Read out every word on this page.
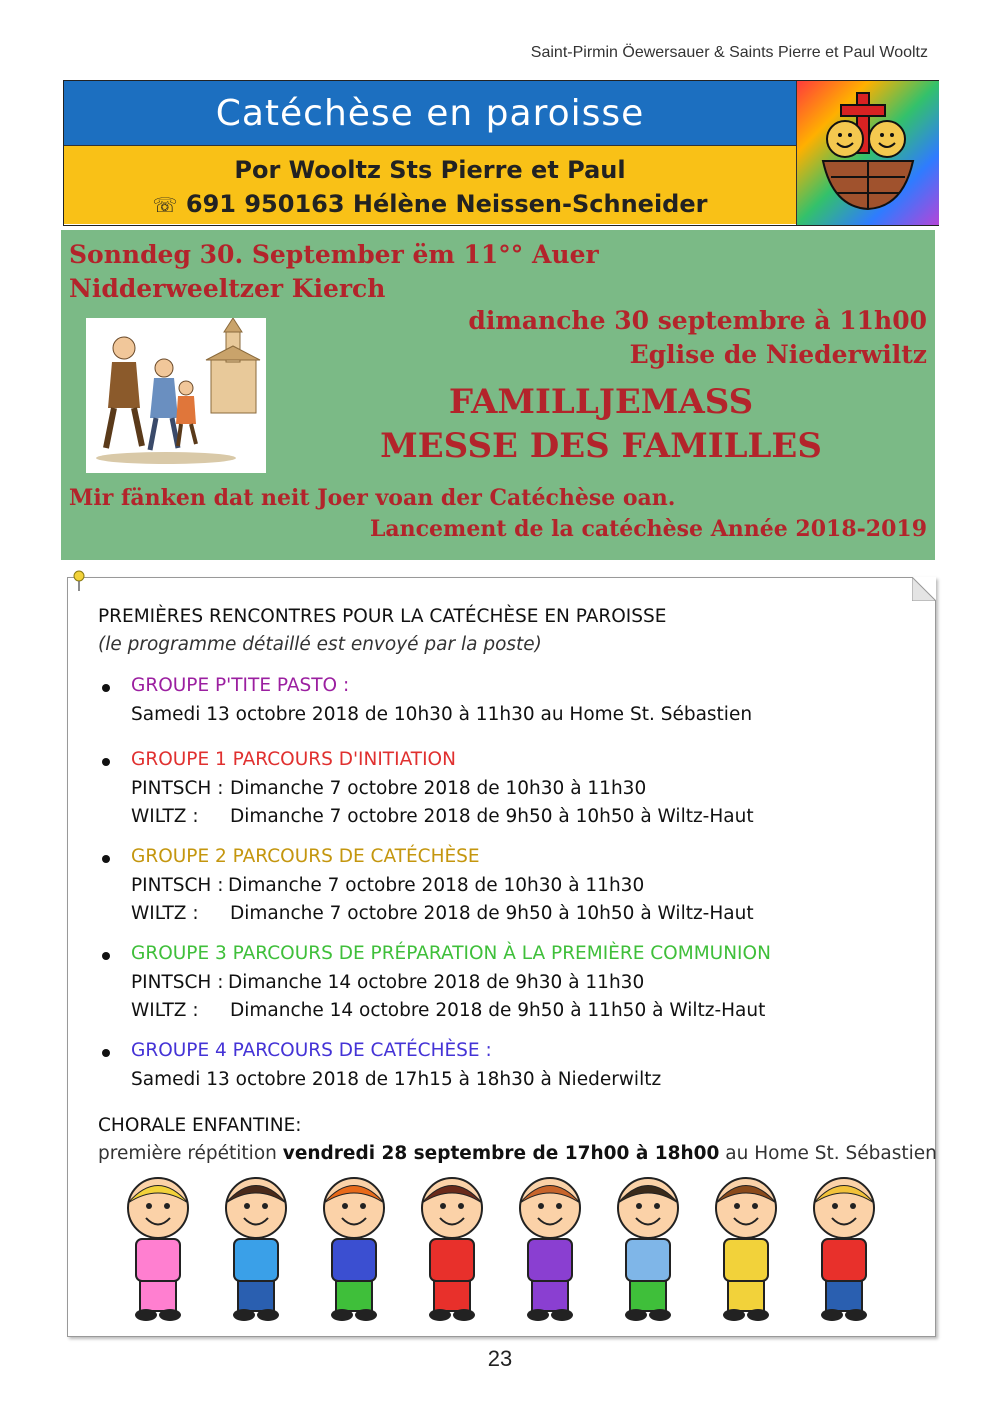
Saint-Pirmin Öewersauer & Saints Pierre et Paul Wooltz
Catéchèse en paroisse
Por Wooltz Sts Pierre et Paul
☏ 691 950163 Hélène Neissen-Schneider
Sonndeg 30. September ëm 11°° Auer
Nidderweeltzer Kierch
dimanche 30 septembre à 11h00
Eglise de Niederwiltz
FAMILLJEMASS
MESSE DES FAMILLES
Mir fänken dat neit Joer voan der Catéchèse oan.
Lancement de la catéchèse Année 2018-2019
PREMIÈRES RENCONTRES POUR LA CATÉCHÈSE EN PAROISSE
(le programme détaillé est envoyé par la poste)
GROUPE P'TITE PASTO :
Samedi 13 octobre 2018 de 10h30 à 11h30 au Home St. Sébastien
GROUPE 1 PARCOURS D'INITIATION
PINTSCH : Dimanche 7 octobre 2018 de 10h30 à 11h30
WILTZ : Dimanche 7 octobre 2018 de 9h50 à 10h50 à Wiltz-Haut
GROUPE 2 PARCOURS DE CATÉCHÈSE
PINTSCH : Dimanche 7 octobre 2018 de 10h30 à 11h30
WILTZ : Dimanche 7 octobre 2018 de 9h50 à 10h50 à Wiltz-Haut
GROUPE 3 PARCOURS DE PRÉPARATION À LA PREMIÈRE COMMUNION
PINTSCH : Dimanche 14 octobre 2018 de 9h30 à 11h30
WILTZ : Dimanche 14 octobre 2018 de 9h50 à 11h50 à Wiltz-Haut
GROUPE 4 PARCOURS DE CATÉCHÈSE :
Samedi 13 octobre 2018 de 17h15 à 18h30 à Niederwiltz
CHORALE ENFANTINE:
première répétition vendredi 28 septembre de 17h00 à 18h00 au Home St. Sébastien
23
